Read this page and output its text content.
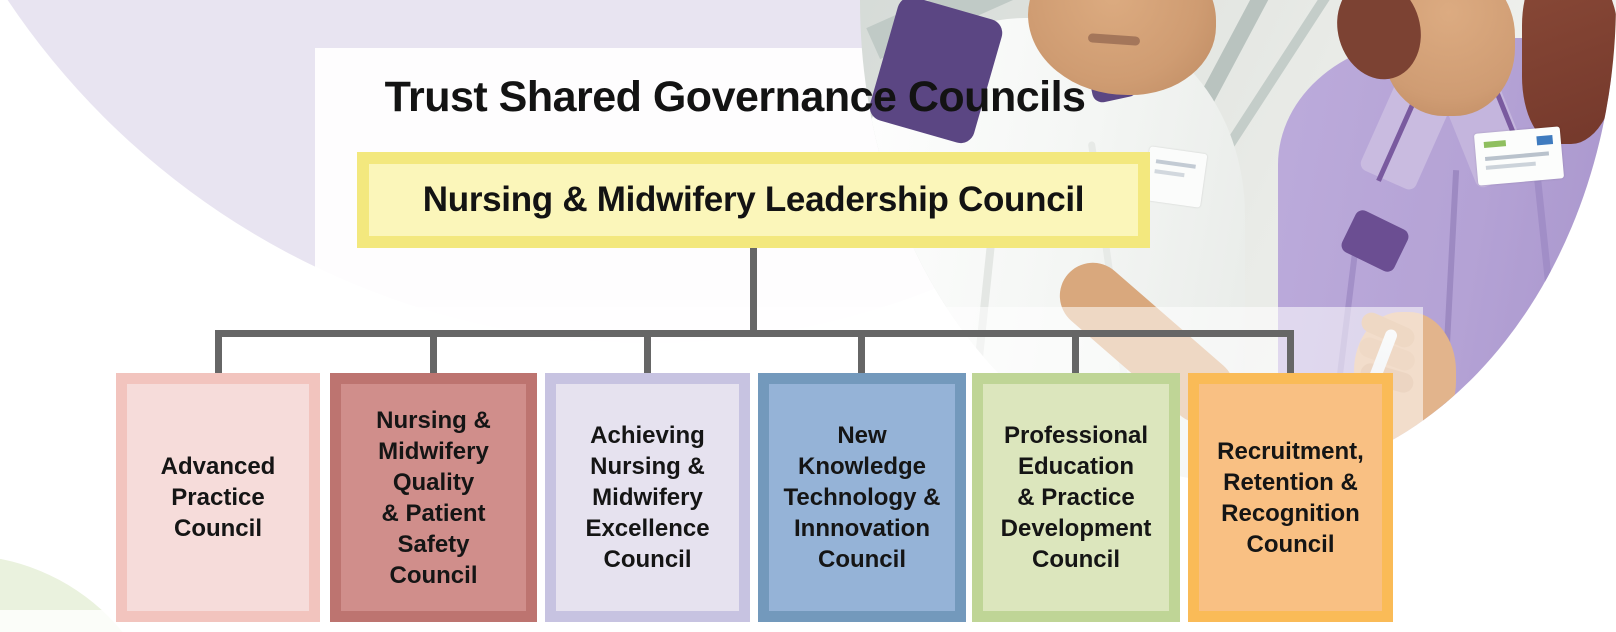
Trust Shared Governance Councils
Nursing & Midwifery Leadership Council
Advanced
Practice
Council
Nursing &
Midwifery
Quality
& Patient
Safety
Council
Achieving
Nursing &
Midwifery
Excellence
Council
New
Knowledge
Technology &
Innnovation
Council
Professional
Education
& Practice
Development
Council
Recruitment,
Retention &
Recognition
Council
